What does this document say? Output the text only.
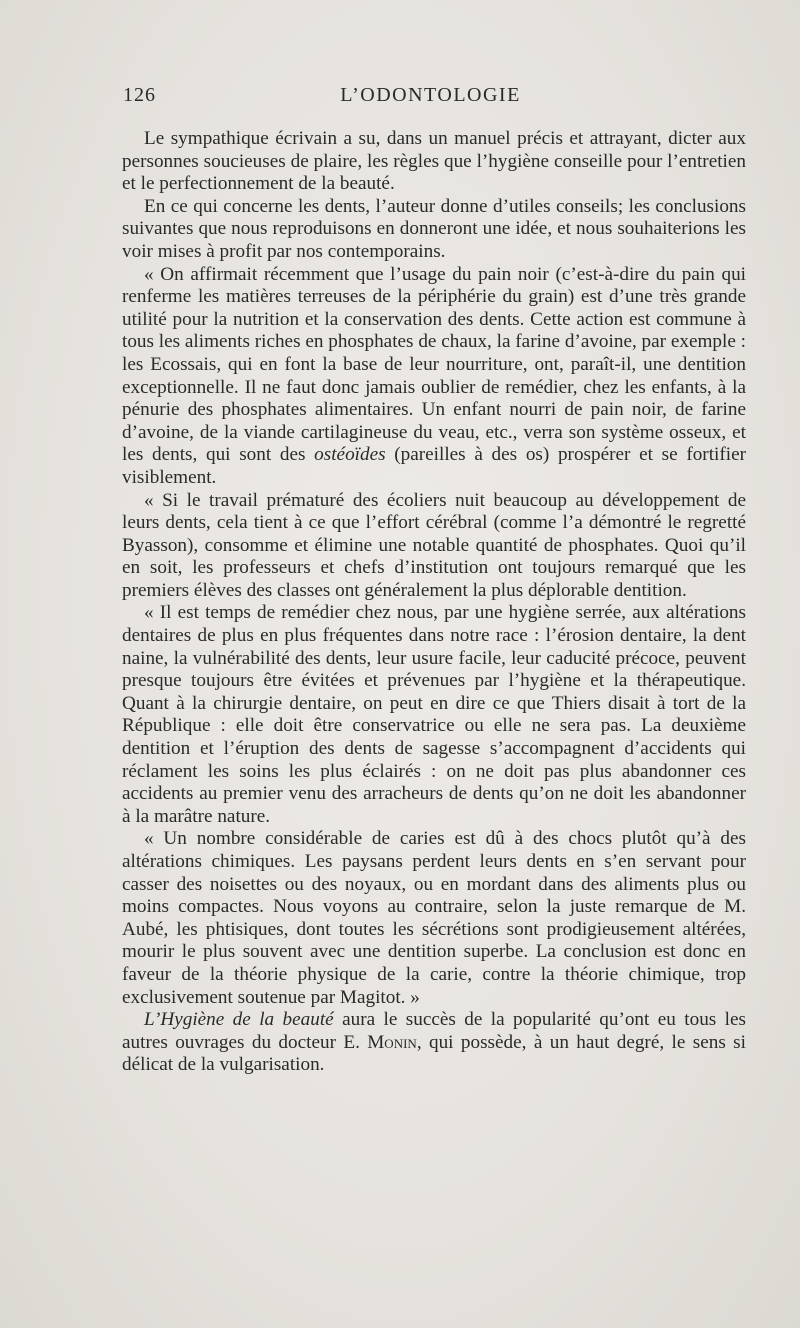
126	L’ODONTOLOGIE

Le sympathique écrivain a su, dans un manuel précis et attrayant, dicter aux personnes soucieuses de plaire, les règles que l’hygiène conseille pour l’entretien et le perfectionnement de la beauté.

En ce qui concerne les dents, l’auteur donne d’utiles conseils; les conclusions suivantes que nous reproduisons en donneront une idée, et nous souhaiterions les voir mises à profit par nos contemporains.

« On affirmait récemment que l’usage du pain noir (c’est-à-dire du pain qui renferme les matières terreuses de la périphérie du grain) est d’une très grande utilité pour la nutrition et la conservation des dents. Cette action est commune à tous les aliments riches en phosphates de chaux, la farine d’avoine, par exemple : les Ecossais, qui en font la base de leur nourriture, ont, paraît-il, une dentition exceptionnelle. Il ne faut donc jamais oublier de remédier, chez les enfants, à la pénurie des phosphates alimentaires. Un enfant nourri de pain noir, de farine d’avoine, de la viande cartilagineuse du veau, etc., verra son système osseux, et les dents, qui sont des ostéoïdes (pareilles à des os) prospérer et se fortifier visiblement.

« Si le travail prématuré des écoliers nuit beaucoup au développement de leurs dents, cela tient à ce que l’effort cérébral (comme l’a démontré le regretté Byasson), consomme et élimine une notable quantité de phosphates. Quoi qu’il en soit, les professeurs et chefs d’institution ont toujours remarqué que les premiers élèves des classes ont généralement la plus déplorable dentition.

« Il est temps de remédier chez nous, par une hygiène serrée, aux altérations dentaires de plus en plus fréquentes dans notre race : l’érosion dentaire, la dent naine, la vulnérabilité des dents, leur usure facile, leur caducité précoce, peuvent presque toujours être évitées et prévenues par l’hygiène et la thérapeutique. Quant à la chirurgie dentaire, on peut en dire ce que Thiers disait à tort de la République : elle doit être conservatrice ou elle ne sera pas. La deuxième dentition et l’éruption des dents de sagesse s’accompagnent d’accidents qui réclament les soins les plus éclairés : on ne doit pas plus abandonner ces accidents au premier venu des arracheurs de dents qu’on ne doit les abandonner à la marâtre nature.

« Un nombre considérable de caries est dû à des chocs plutôt qu’à des altérations chimiques. Les paysans perdent leurs dents en s’en servant pour casser des noisettes ou des noyaux, ou en mordant dans des aliments plus ou moins compactes. Nous voyons au contraire, selon la juste remarque de M. Aubé, les phtisiques, dont toutes les sécrétions sont prodigieusement altérées, mourir le plus souvent avec une dentition superbe. La conclusion est donc en faveur de la théorie physique de la carie, contre la théorie chimique, trop exclusivement soutenue par Magitot. »

L’Hygiène de la beauté aura le succès de la popularité qu’ont eu tous les autres ouvrages du docteur E. Monin, qui possède, à un haut degré, le sens si délicat de la vulgarisation.
